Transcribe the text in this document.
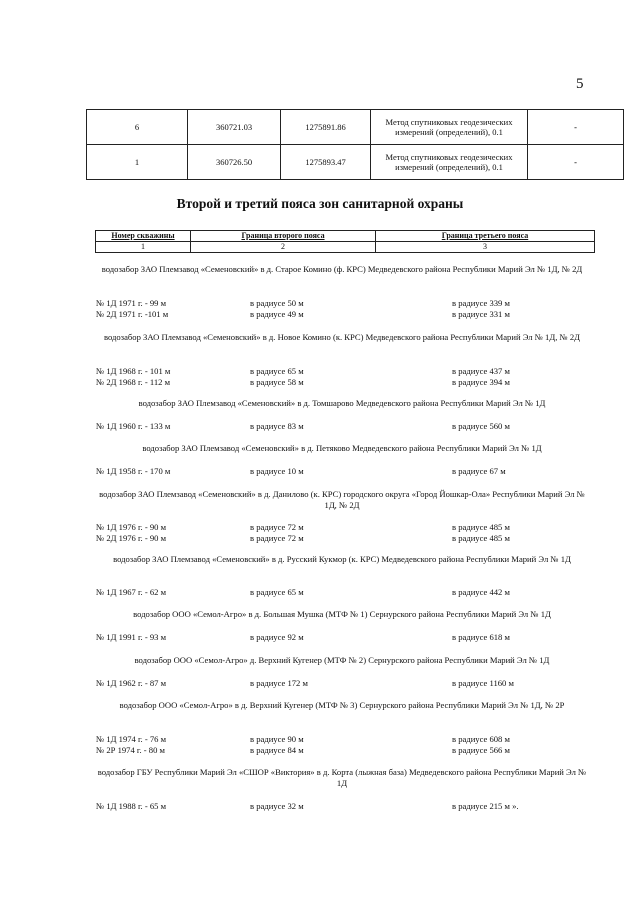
5
6	360721.03	1275891.86	Метод спутниковых геодезических измерений (определений), 0.1	-
1	360726.50	1275893.47	Метод спутниковых геодезических измерений (определений), 0.1	-
Второй и третий пояса зон санитарной охраны
Номер скважины	Граница второго пояса	Граница третьего пояса
1	2	3
водозабор ЗАО Племзавод «Семеновский» в д. Старое Комино (ф. КРС) Медведевского района Республики Марий Эл № 1Д, № 2Д
№ 1Д 1971 г. - 99 м	в радиусе 50 м	в радиусе 339 м
№ 2Д 1971 г. -101 м	в радиусе 49 м	в радиусе 331 м
водозабор ЗАО Племзавод «Семеновский» в д. Новое Комино (к. КРС) Медведевского района Республики Марий Эл № 1Д, № 2Д
№ 1Д 1968 г. - 101 м	в радиусе 65 м	в радиусе 437 м
№ 2Д 1968 г. - 112 м	в радиусе 58 м	в радиусе 394 м
водозабор ЗАО Племзавод «Семеновский» в д. Томшарово Медведевского района Республики Марий Эл № 1Д
№ 1Д 1960 г. - 133 м	в радиусе 83 м	в радиусе 560 м
водозабор ЗАО Племзавод «Семеновский» в д. Петяково Медведевского района Республики Марий Эл № 1Д
№ 1Д 1958 г. - 170 м	в радиусе 10 м	в радиусе 67 м
водозабор ЗАО Племзавод «Семеновский» в д. Данилово (к. КРС) городского округа «Город Йошкар-Ола» Республики Марий Эл № 1Д, № 2Д
№ 1Д 1976 г. - 90 м	в радиусе 72 м	в радиусе 485 м
№ 2Д 1976 г. - 90 м	в радиусе 72 м	в радиусе 485 м
водозабор ЗАО Племзавод «Семеновский» в д. Русский Кукмор (к. КРС) Медведевского района Республики Марий Эл № 1Д
№ 1Д 1967 г. - 62 м	в радиусе 65 м	в радиусе 442 м
водозабор ООО «Семол-Агро» в д. Большая Мушка (МТФ № 1) Сернурского района Республики Марий Эл № 1Д
№ 1Д 1991 г. - 93 м	в радиусе 92 м	в радиусе 618 м
водозабор ООО «Семол-Агро» д. Верхний Кугенер (МТФ № 2) Сернурского района Республики Марий Эл № 1Д
№ 1Д 1962 г. - 87 м	в радиусе 172 м	в радиусе 1160 м
водозабор ООО «Семол-Агро» в д. Верхний Кугенер (МТФ № 3) Сернурского района Республики Марий Эл № 1Д, № 2Р
№ 1Д 1974 г. - 76 м	в радиусе 90 м	в радиусе 608 м
№ 2Р 1974 г. - 80 м	в радиусе 84 м	в радиусе 566 м
водозабор ГБУ Республики Марий Эл «СШОР «Виктория» в д. Корта (лыжная база) Медведевского района Республики Марий Эл № 1Д
№ 1Д 1988 г. - 65 м	в радиусе 32 м	в радиусе 215 м ».
